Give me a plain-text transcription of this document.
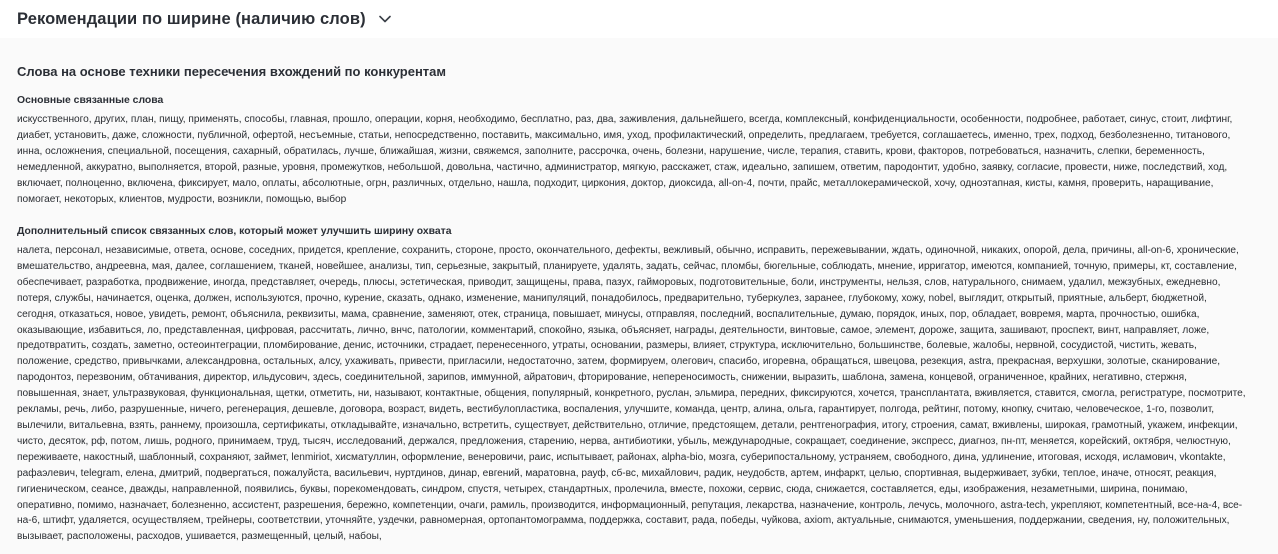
Рекомендации по ширине (наличию слов)
Слова на основе техники пересечения вхождений по конкурентам
Основные связанные слова
искусственного, других, план, пищу, применять, способы, главная, прошло, операции, корня, необходимо, бесплатно, раз, два, заживления, дальнейшего, всегда, комплексный, конфиденциальности, особенности, подробнее, работает, синус, стоит, лифтинг, диабет, установить, даже, сложности, публичной, офертой, несъемные, статьи, непосредственно, поставить, максимально, имя, уход, профилактический, определить, предлагаем, требуется, соглашаетесь, именно, трех, подход, безболезненно, титанового, инна, осложнения, специальной, посещения, сахарный, обратилась, лучше, ближайшая, жизни, свяжемся, заполните, рассрочка, очень, болезни, нарушение, числе, терапия, ставить, крови, факторов, потребоваться, назначить, слепки, беременность, немедленной, аккуратно, выполняется, второй, разные, уровня, промежутков, небольшой, довольна, частично, администратор, мягкую, расскажет, стаж, идеально, запишем, ответим, пародонтит, удобно, заявку, согласие, провести, ниже, последствий, ход, включает, полноценно, включена, фиксирует, мало, оплаты, абсолютные, огрн, различных, отдельно, нашла, подходит, циркония, доктор, диоксида, all-on-4, почти, прайс, металлокерамической, хочу, одноэтапная, кисты, камня, проверить, наращивание, помогает, некоторых, клиентов, мудрости, возникли, помощью, выбор
Дополнительный список связанных слов, который может улучшить ширину охвата
налета, персонал, независимые, ответа, основе, соседних, придется, крепление, сохранить, стороне, просто, окончательного, дефекты, вежливый, обычно, исправить, пережевывании, ждать, одиночной, никаких, опорой, дела, причины, all-on-6, хронические, вмешательство, андреевна, мая, далее, соглашением, тканей, новейшее, анализы, тип, серьезные, закрытый, планируете, удалять, задать, сейчас, пломбы, бюгельные, соблюдать, мнение, ирригатор, имеются, компанией, точную, примеры, кт, составление, обеспечивает, разработка, продвижение, иногда, представляет, очередь, плюсы, эстетическая, приводит, защищены, права, пазух, гайморовых, подготовительные, боли, инструменты, нельзя, слов, натурального, снимаем, удалил, межзубных, ежедневно, потеря, службы, начинается, оценка, должен, используются, прочно, курение, сказать, однако, изменение, манипуляций, понадобилось, предварительно, туберкулез, заранее, глубокому, хожу, nobel, выглядит, открытый, приятные, альберт, бюджетной, сегодня, отказаться, новое, увидеть, ремонт, объяснила, реквизиты, мама, сравнение, заменяют, отек, страница, повышает, минусы, отправляя, последний, воспалительные, думаю, порядок, иных, пор, обладает, вовремя, марта, прочностью, ошибка, оказывающие, избавиться, ло, представленная, цифровая, рассчитать, лично, внчс, патологии, комментарий, спокойно, языка, объясняет, награды, деятельности, винтовые, самое, элемент, дороже, защита, зашивают, проспект, винт, направляет, ложе, предотвратить, создать, заметно, остеоинтеграции, пломбирование, денис, источники, страдает, перенесенного, утраты, основании, размеры, влияет, структура, исключительно, большинстве, болевые, жалобы, нервной, сосудистой, чистить, жевать, положение, средство, привычками, александровна, остальных, алсу, ухаживать, привести, пригласили, недостаточно, затем, формируем, олегович, спасибо, игоревна, обращаться, швецова, резекция, astra, прекрасная, верхушки, золотые, сканирование, пародонтоз, перезвоним, обтачивания, директор, ильдусович, здесь, соединительной, зарипов, иммунной, айратович, фторирование, непереносимость, снижении, выразить, шаблона, замена, концевой, ограниченное, крайних, негативно, стержня, повышенная, знает, ультразвуковая, функциональная, щетки, отметить, ни, называют, контактные, общения, популярный, конкретного, руслан, эльмира, передних, фиксируются, хочется, трансплантата, вживляется, ставится, смогла, регистратуре, посмотрите, рекламы, речь, либо, разрушенные, ничего, регенерация, дешевле, договора, возраст, видеть, вестибулопластика, воспаления, улучшите, команда, центр, алина, ольга, гарантирует, полгода, рейтинг, потому, кнопку, считаю, человеческое, 1-го, позволит, вылечили, витальевна, взять, раннему, произошла, сертификаты, откладывайте, изначально, встретить, существует, действительно, отличие, предстоящем, детали, рентгенография, итогу, строения, самат, вживлены, широкая, грамотный, укажем, инфекции, чисто, десяток, рф, потом, лишь, родного, принимаем, труд, тысяч, исследований, держался, предложения, старению, нерва, антибиотики, убыль, международные, сокращает, соединение, экспресс, диагноз, пн-пт, меняется, корейский, октября, челюстную, переживаете, накостный, шаблонный, сохраняют, займет, lenmiriot, хисматуллин, оформление, венеровичи, раис, испытывает, районах, alpha-bio, мозга, суберипостальному, устраняем, свободного, дина, удлинение, итоговая, исходя, исламович, vkontakte, рафаэлевич, telegram, елена, дмитрий, подвергаться, пожалуйста, васильевич, нуртдинов, динар, евгений, маратовна, рауф, сб-вс, михайлович, радик, неудобств, артем, инфаркт, целью, спортивная, выдерживает, зубки, теплое, иначе, относят, реакция, гигиеническом, сеансе, дважды, направленной, появились, буквы, порекомендовать, синдром, спустя, четырех, стандартных, пролечила, вместе, похожи, сервис, сюда, снижается, составляется, еды, изображения, незаметными, ширина, понимаю, оперативно, помимо, назначает, болезненно, ассистент, разрешения, бережно, компетенции, очаги, рамиль, производится, информационный, репутация, лекарства, назначение, контроль, лечусь, молочного, astra-tech, укрепляют, компетентный, все-на-4, все-на-6, штифт, удаляется, осуществляем, трейнеры, соответствии, уточняйте, уздечки, равномерная, ортопантомограмма, поддержка, составит, рада, победы, чуйкова, axiom, актуальные, снимаются, уменьшения, поддержании, сведения, ну, положительных, вызывает, расположены, расходов, ушивается, размещенный, целый, набоы,
